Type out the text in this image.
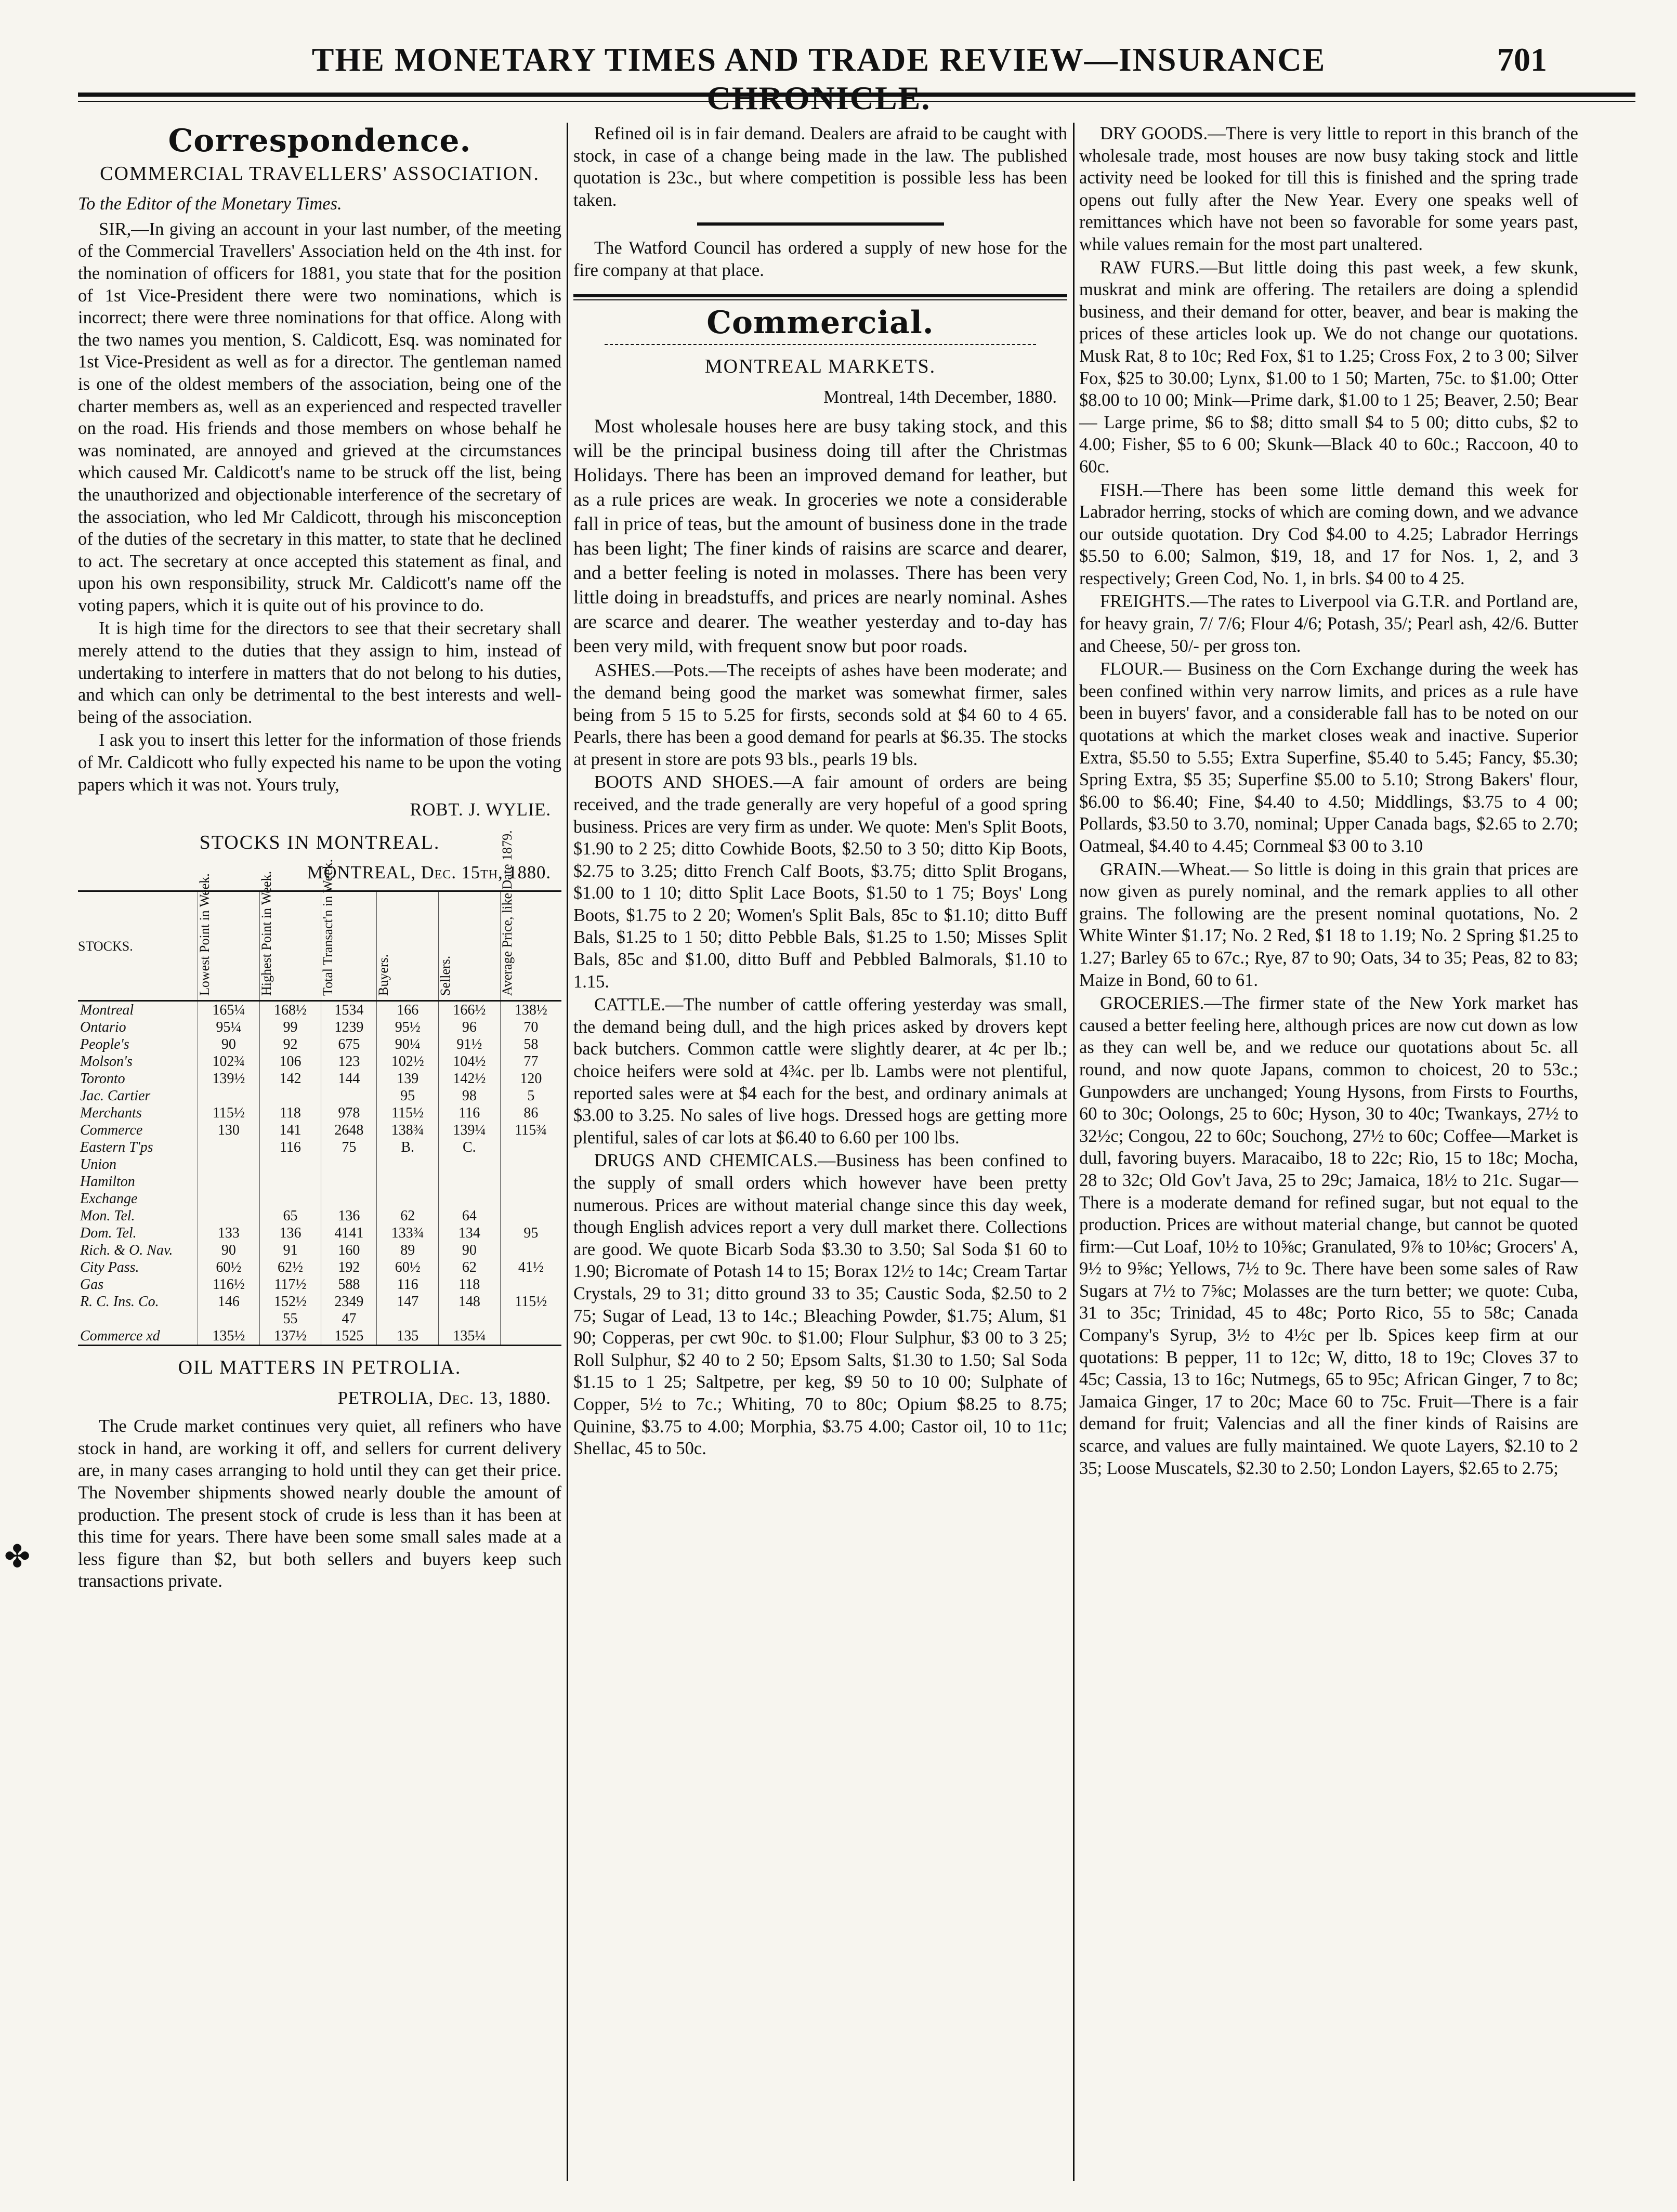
THE MONETARY TIMES AND TRADE REVIEW—INSURANCE CHRONICLE.
701
✤
Correspondence.
COMMERCIAL TRAVELLERS' ASSOCIATION.

To the Editor of the Monetary Times.

SIR,—In giving an account in your last number, of the meeting of the Commercial Travellers' Association held on the 4th inst. for the nomination of officers for 1881, you state that for the position of 1st Vice-President there were two nominations, which is incorrect; there were three nominations for that office. Along with the two names you mention, S. Caldicott, Esq. was nominated for 1st Vice-President as well as for a director. The gentleman named is one of the oldest members of the association, being one of the charter members as, well as an experienced and respected traveller on the road. His friends and those members on whose behalf he was nominated, are annoyed and grieved at the circumstances which caused Mr. Caldicott's name to be struck off the list, being the unauthorized and objectionable interference of the secretary of the association, who led Mr Caldicott, through his misconception of the duties of the secretary in this matter, to state that he declined to act. The secretary at once accepted this statement as final, and upon his own responsibility, struck Mr. Caldicott's name off the voting papers, which it is quite out of his province to do.

It is high time for the directors to see that their secretary shall merely attend to the duties that they assign to him, instead of undertaking to interfere in matters that do not belong to his duties, and which can only be detrimental to the best interests and well-being of the association.

I ask you to insert this letter for the information of those friends of Mr. Caldicott who fully expected his name to be upon the voting papers which it was not. Yours truly,

ROBT. J. WYLIE.
STOCKS IN MONTREAL.
MONTREAL, Dec. 15th, 1880.
STOCKS.	Lowest Point in Week.	Highest Point in Week.	Total Transact'n in Week.	Buyers.	Sellers.	Average Price, like Date 1879.
Montreal	165¼	168½	1534	166	166½	138½
Ontario	95¼	99	1239	95½	96	70
People's	90	92	675	90¼	91½	58
Molson's	102¾	106	123	102½	104½	77
Toronto	139½	142	144	139	142½	120
Jac. Cartier				95	98	5
Merchants	115½	118	978	115½	116	86
Commerce	130	141	2648	138¾	139¼	115¾
Eastern T'ps		116	75	B.	C.	
Union						
Hamilton						
Exchange						
Mon. Tel.		65	136	62	64	
Dom. Tel.	133	136	4141	133¾	134	95
Rich. & O. Nav.	90	91	160	89	90	
City Pass.	60½	62½	192	60½	62	41½
Gas	116½	117½	588	116	118	
R. C. Ins. Co.	146	152½	2349	147	148	115½
		55	47			
Commerce xd	135½	137½	1525	135	135¼	
OIL MATTERS IN PETROLIA.
PETROLIA, Dec. 13, 1880.

The Crude market continues very quiet, all refiners who have stock in hand, are working it off, and sellers for current delivery are, in many cases arranging to hold until they can get their price. The November shipments showed nearly double the amount of production. The present stock of crude is less than it has been at this time for years. There have been some small sales made at a less figure than $2, but both sellers and buyers keep such transactions private.

Refined oil is in fair demand. Dealers are afraid to be caught with stock, in case of a change being made in the law. The published quotation is 23c., but where competition is possible less has been taken.

The Watford Council has ordered a supply of new hose for the fire company at that place.

Commercial.
MONTREAL MARKETS.
Montreal, 14th December, 1880.

Most wholesale houses here are busy taking stock, and this will be the principal business doing till after the Christmas Holidays. There has been an improved demand for leather, but as a rule prices are weak. In groceries we note a considerable fall in price of teas, but the amount of business done in the trade has been light; The finer kinds of raisins are scarce and dearer, and a better feeling is noted in molasses. There has been very little doing in breadstuffs, and prices are nearly nominal. Ashes are scarce and dearer. The weather yesterday and to-day has been very mild, with frequent snow but poor roads.

ASHES.—Pots.—The receipts of ashes have been moderate; and the demand being good the market was somewhat firmer, sales being from 5 15 to 5.25 for firsts, seconds sold at $4 60 to 4 65. Pearls, there has been a good demand for pearls at $6.35. The stocks at present in store are pots 93 bls., pearls 19 bls.

BOOTS AND SHOES.—A fair amount of orders are being received, and the trade generally are very hopeful of a good spring business. Prices are very firm as under. We quote: Men's Split Boots, $1.90 to 2 25; ditto Cowhide Boots, $2.50 to 3 50; ditto Kip Boots, $2.75 to 3.25; ditto French Calf Boots, $3.75; ditto Split Brogans, $1.00 to 1 10; ditto Split Lace Boots, $1.50 to 1 75; Boys' Long Boots, $1.75 to 2 20; Women's Split Bals, 85c to $1.10; ditto Buff Bals, $1.25 to 1 50; ditto Pebble Bals, $1.25 to 1.50; Misses Split Bals, 85c and $1.00, ditto Buff and Pebbled Balmorals, $1.10 to 1.15.

CATTLE.—The number of cattle offering yesterday was small, the demand being dull, and the high prices asked by drovers kept back butchers. Common cattle were slightly dearer, at 4c per lb.; choice heifers were sold at 4¾c. per lb. Lambs were not plentiful, reported sales were at $4 each for the best, and ordinary animals at $3.00 to 3.25. No sales of live hogs. Dressed hogs are getting more plentiful, sales of car lots at $6.40 to 6.60 per 100 lbs.

DRUGS AND CHEMICALS.—Business has been confined to the supply of small orders which however have been pretty numerous. Prices are without material change since this day week, though English advices report a very dull market there. Collections are good. We quote Bicarb Soda $3.30 to 3.50; Sal Soda $1 60 to 1.90; Bicromate of Potash 14 to 15; Borax 12½ to 14c; Cream Tartar Crystals, 29 to 31; ditto ground 33 to 35; Caustic Soda, $2.50 to 2 75; Sugar of Lead, 13 to 14c.; Bleaching Powder, $1.75; Alum, $1 90; Copperas, per cwt 90c. to $1.00; Flour Sulphur, $3 00 to 3 25; Roll Sulphur, $2 40 to 2 50; Epsom Salts, $1.30 to 1.50; Sal Soda $1.15 to 1 25; Saltpetre, per keg, $9 50 to 10 00; Sulphate of Copper, 5½ to 7c.; Whiting, 70 to 80c; Opium $8.25 to 8.75; Quinine, $3.75 to 4.00; Morphia, $3.75 4.00; Castor oil, 10 to 11c; Shellac, 45 to 50c.

DRY GOODS.—There is very little to report in this branch of the wholesale trade, most houses are now busy taking stock and little activity need be looked for till this is finished and the spring trade opens out fully after the New Year. Every one speaks well of remittances which have not been so favorable for some years past, while values remain for the most part unaltered.

RAW FURS.—But little doing this past week, a few skunk, muskrat and mink are offering. The retailers are doing a splendid business, and their demand for otter, beaver, and bear is making the prices of these articles look up. We do not change our quotations. Musk Rat, 8 to 10c; Red Fox, $1 to 1.25; Cross Fox, 2 to 3 00; Silver Fox, $25 to 30.00; Lynx, $1.00 to 1 50; Marten, 75c. to $1.00; Otter $8.00 to 10 00; Mink—Prime dark, $1.00 to 1 25; Beaver, 2.50; Bear— Large prime, $6 to $8; ditto small $4 to 5 00; ditto cubs, $2 to 4.00; Fisher, $5 to 6 00; Skunk—Black 40 to 60c.; Raccoon, 40 to 60c.

FISH.—There has been some little demand this week for Labrador herring, stocks of which are coming down, and we advance our outside quotation. Dry Cod $4.00 to 4.25; Labrador Herrings $5.50 to 6.00; Salmon, $19, 18, and 17 for Nos. 1, 2, and 3 respectively; Green Cod, No. 1, in brls. $4 00 to 4 25.

FREIGHTS.—The rates to Liverpool via G.T.R. and Portland are, for heavy grain, 7/ 7/6; Flour 4/6; Potash, 35/; Pearl ash, 42/6. Butter and Cheese, 50/- per gross ton.

FLOUR.— Business on the Corn Exchange during the week has been confined within very narrow limits, and prices as a rule have been in buyers' favor, and a considerable fall has to be noted on our quotations at which the market closes weak and inactive. Superior Extra, $5.50 to 5.55; Extra Superfine, $5.40 to 5.45; Fancy, $5.30; Spring Extra, $5 35; Superfine $5.00 to 5.10; Strong Bakers' flour, $6.00 to $6.40; Fine, $4.40 to 4.50; Middlings, $3.75 to 4 00; Pollards, $3.50 to 3.70, nominal; Upper Canada bags, $2.65 to 2.70; Oatmeal, $4.40 to 4.45; Cornmeal $3 00 to 3.10

GRAIN.—Wheat.— So little is doing in this grain that prices are now given as purely nominal, and the remark applies to all other grains. The following are the present nominal quotations, No. 2 White Winter $1.17; No. 2 Red, $1 18 to 1.19; No. 2 Spring $1.25 to 1.27; Barley 65 to 67c.; Rye, 87 to 90; Oats, 34 to 35; Peas, 82 to 83; Maize in Bond, 60 to 61.

GROCERIES.—The firmer state of the New York market has caused a better feeling here, although prices are now cut down as low as they can well be, and we reduce our quotations about 5c. all round, and now quote Japans, common to choicest, 20 to 53c.; Gunpowders are unchanged; Young Hysons, from Firsts to Fourths, 60 to 30c; Oolongs, 25 to 60c; Hyson, 30 to 40c; Twankays, 27½ to 32½c; Congou, 22 to 60c; Souchong, 27½ to 60c; Coffee—Market is dull, favoring buyers. Maracaibo, 18 to 22c; Rio, 15 to 18c; Mocha, 28 to 32c; Old Gov't Java, 25 to 29c; Jamaica, 18½ to 21c. Sugar—There is a moderate demand for refined sugar, but not equal to the production. Prices are without material change, but cannot be quoted firm:—Cut Loaf, 10½ to 10⅝c; Granulated, 9⅞ to 10⅛c; Grocers' A, 9½ to 9⅝c; Yellows, 7½ to 9c. There have been some sales of Raw Sugars at 7½ to 7⅝c; Molasses are the turn better; we quote: Cuba, 31 to 35c; Trinidad, 45 to 48c; Porto Rico, 55 to 58c; Canada Company's Syrup, 3½ to 4½c per lb. Spices keep firm at our quotations: B pepper, 11 to 12c; W, ditto, 18 to 19c; Cloves 37 to 45c; Cassia, 13 to 16c; Nutmegs, 65 to 95c; African Ginger, 7 to 8c; Jamaica Ginger, 17 to 20c; Mace 60 to 75c. Fruit—There is a fair demand for fruit; Valencias and all the finer kinds of Raisins are scarce, and values are fully maintained. We quote Layers, $2.10 to 2 35; Loose Muscatels, $2.30 to 2.50; London Layers, $2.65 to 2.75;
